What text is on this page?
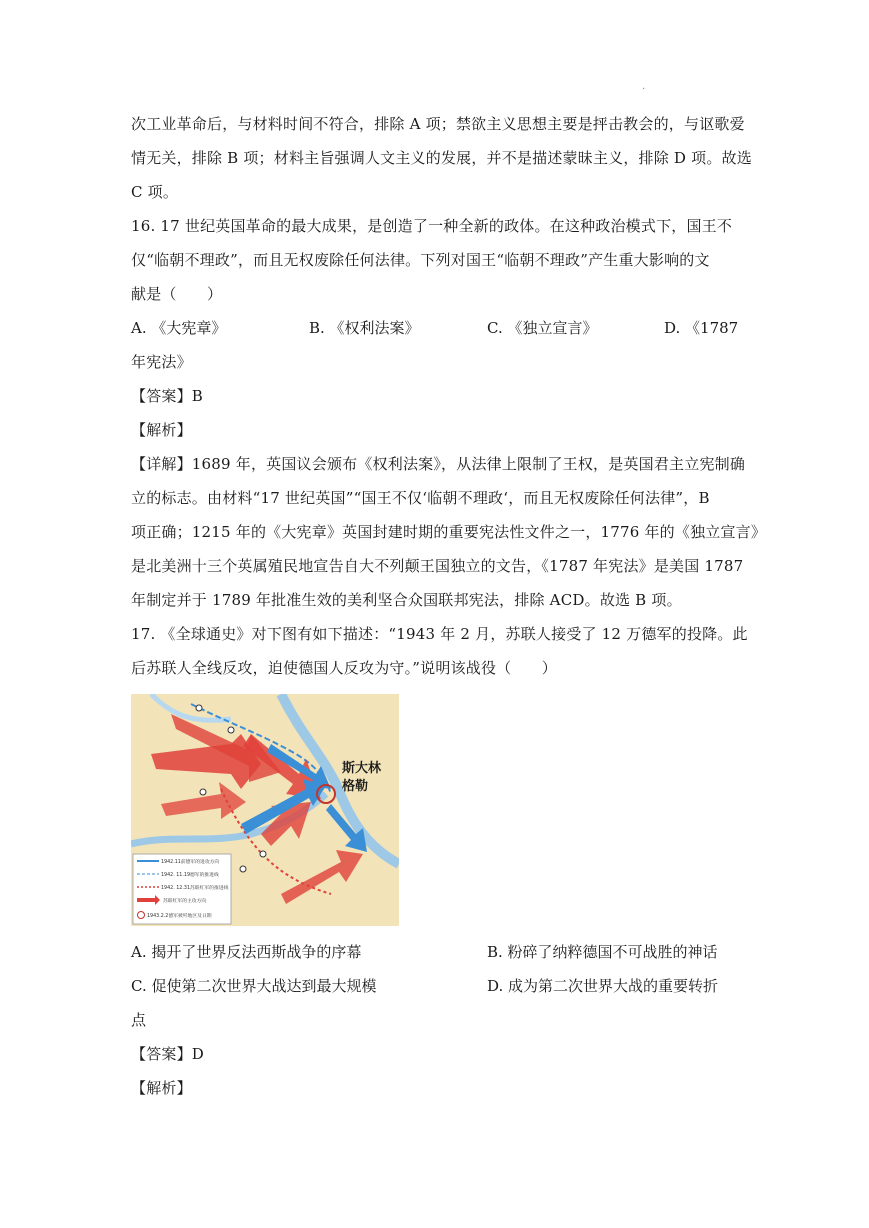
·
次工业革命后，与材料时间不符合，排除 A 项；禁欲主义思想主要是抨击教会的，与讴歌爱
情无关，排除 B 项；材料主旨强调人文主义的发展，并不是描述蒙昧主义，排除 D 项。故选
C 项。
16. 17 世纪英国革命的最大成果，是创造了一种全新的政体。在这种政治模式下，国王不
仅“临朝不理政”，而且无权废除任何法律。下列对国王“临朝不理政”产生重大影响的文
献是（　　）
A. 《大宪章》	B. 《权利法案》	C. 《独立宣言》	D. 《1787
年宪法》
【答案】B
【解析】
【详解】1689 年，英国议会颁布《权利法案》，从法律上限制了王权，是英国君主立宪制确
立的标志。由材料“17 世纪英国”“国王不仅‘临朝不理政‘，而且无权废除任何法律”，B
项正确；1215 年的《大宪章》英国封建时期的重要宪法性文件之一，1776 年的《独立宣言》
是北美洲十三个英属殖民地宣告自大不列颠王国独立的文告，《1787 年宪法》是美国 1787
年制定并于 1789 年批准生效的美利坚合众国联邦宪法，排除 ACD。故选 B 项。
17. 《全球通史》对下图有如下描述：“1943 年 2 月，苏联人接受了 12 万德军的投降。此
后苏联人全线反攻，迫使德国人反攻为守。”说明该战役（　　）
斯大林
格勒
1942.11前德军的进攻方向
1942. 11.19德军的推进线
1942. 12.31苏联红军的推进线
苏联红军的主攻方向
1943.2.2德军被歼地区及日期
A. 揭开了世界反法西斯战争的序幕	B. 粉碎了纳粹德国不可战胜的神话
C. 促使第二次世界大战达到最大规模	D. 成为第二次世界大战的重要转折
点
【答案】D
【解析】
